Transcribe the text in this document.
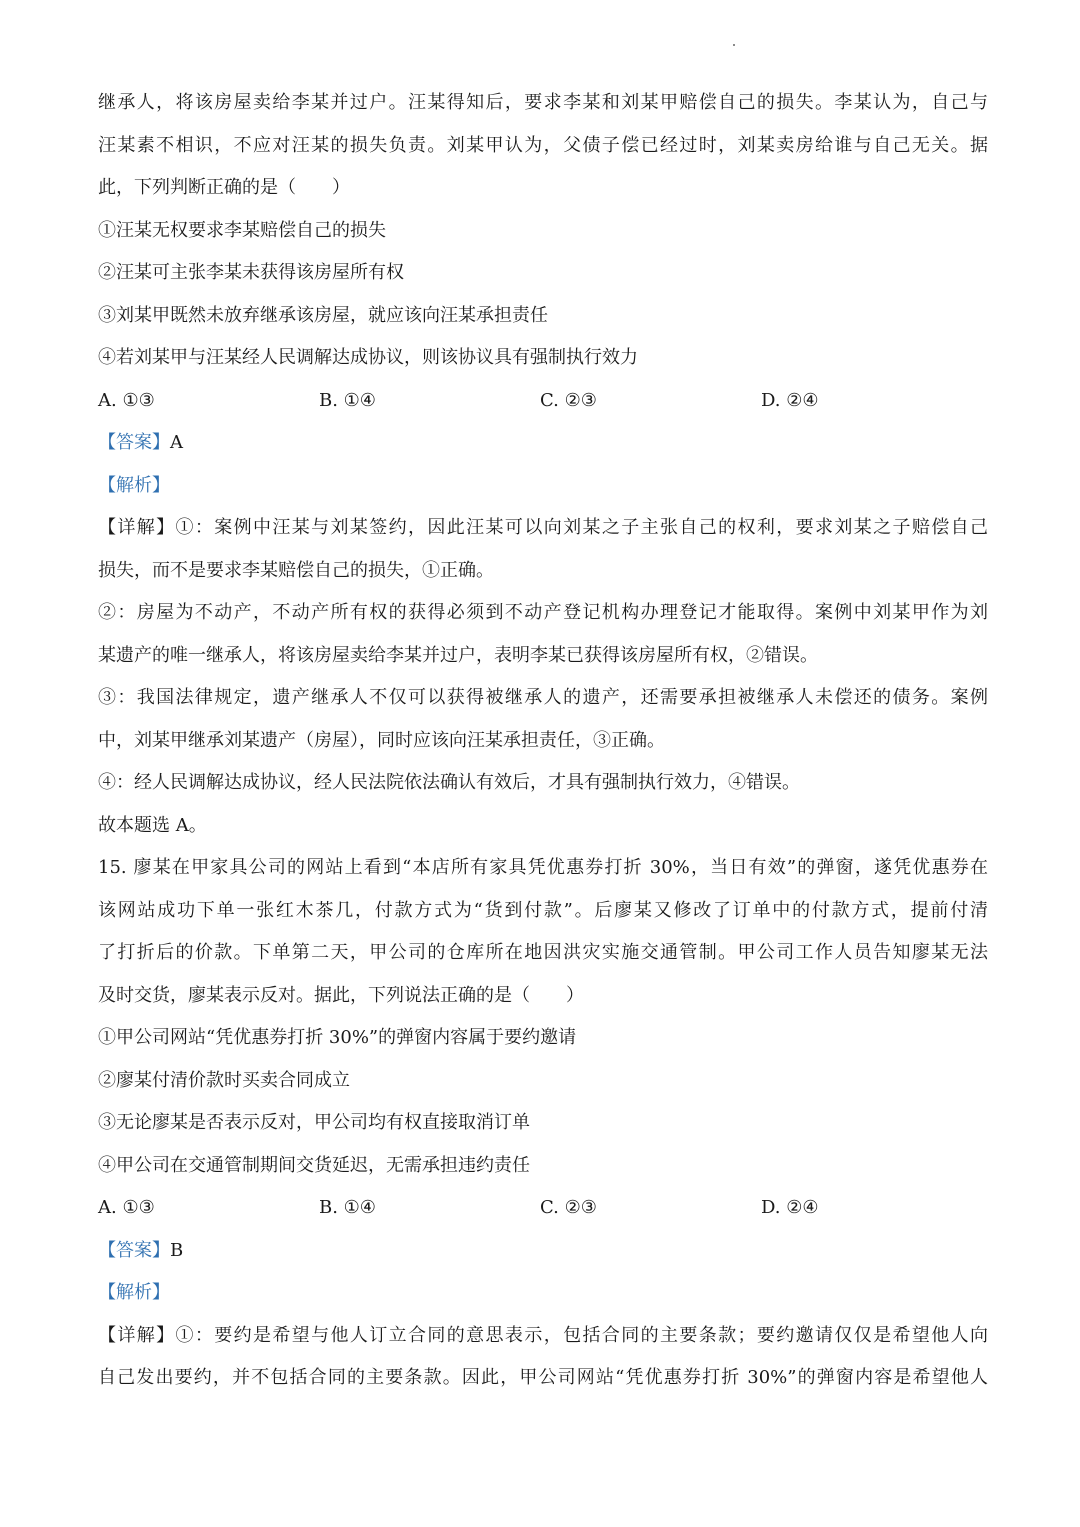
继承人，将该房屋卖给李某并过户。汪某得知后，要求李某和刘某甲赔偿自己的损失。李某认为，自己与
汪某素不相识，不应对汪某的损失负责。刘某甲认为，父债子偿已经过时，刘某卖房给谁与自己无关。据
此，下列判断正确的是（　　）
①汪某无权要求李某赔偿自己的损失
②汪某可主张李某未获得该房屋所有权
③刘某甲既然未放弃继承该房屋，就应该向汪某承担责任
④若刘某甲与汪某经人民调解达成协议，则该协议具有强制执行效力
A. ①③	B. ①④	C. ②③	D. ②④
【答案】A
【解析】
【详解】①：案例中汪某与刘某签约，因此汪某可以向刘某之子主张自己的权利，要求刘某之子赔偿自己
损失，而不是要求李某赔偿自己的损失，①正确。
②：房屋为不动产，不动产所有权的获得必须到不动产登记机构办理登记才能取得。案例中刘某甲作为刘
某遗产的唯一继承人，将该房屋卖给李某并过户，表明李某已获得该房屋所有权，②错误。
③：我国法律规定，遗产继承人不仅可以获得被继承人的遗产，还需要承担被继承人未偿还的债务。案例
中，刘某甲继承刘某遗产（房屋），同时应该向汪某承担责任，③正确。
④：经人民调解达成协议，经人民法院依法确认有效后，才具有强制执行效力，④错误。
故本题选 A。
15. 廖某在甲家具公司的网站上看到“本店所有家具凭优惠券打折 30%，当日有效”的弹窗，遂凭优惠券在
该网站成功下单一张红木茶几，付款方式为“货到付款”。后廖某又修改了订单中的付款方式，提前付清
了打折后的价款。下单第二天，甲公司的仓库所在地因洪灾实施交通管制。甲公司工作人员告知廖某无法
及时交货，廖某表示反对。据此，下列说法正确的是（　　）
①甲公司网站“凭优惠券打折 30%”的弹窗内容属于要约邀请
②廖某付清价款时买卖合同成立
③无论廖某是否表示反对，甲公司均有权直接取消订单
④甲公司在交通管制期间交货延迟，无需承担违约责任
A. ①③	B. ①④	C. ②③	D. ②④
【答案】B
【解析】
【详解】①：要约是希望与他人订立合同的意思表示，包括合同的主要条款；要约邀请仅仅是希望他人向
自己发出要约，并不包括合同的主要条款。因此，甲公司网站“凭优惠券打折 30%”的弹窗内容是希望他人
